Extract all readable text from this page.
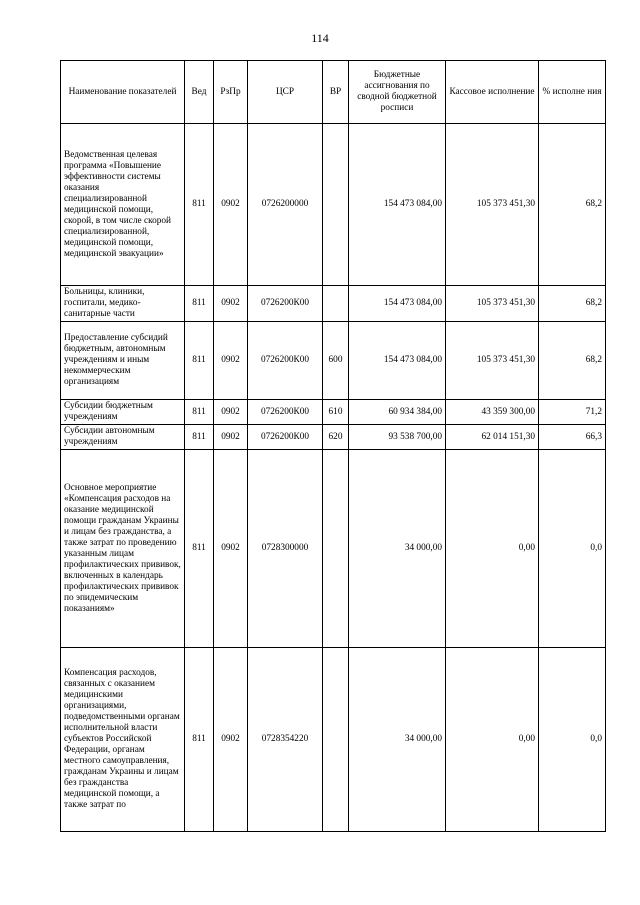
114
Наименование показателей	Вед	РзПр	ЦСР	ВР	Бюджетные ассигнования по сводной бюджетной росписи	Кассовое исполнение	% исполне ния
Ведомственная целевая программа «Повышение эффективности системы оказания специализированной медицинской помощи, скорой, в том числе скорой специализированной, медицинской помощи, медицинской эвакуации»	811	0902	0726200000		154 473 084,00	105 373 451,30	68,2
Больницы, клиники, госпитали, медико-санитарные части	811	0902	0726200К00		154 473 084,00	105 373 451,30	68,2
Предоставление субсидий бюджетным, автономным учреждениям и иным некоммерческим организациям	811	0902	0726200К00	600	154 473 084,00	105 373 451,30	68,2
Субсидии бюджетным учреждениям	811	0902	0726200К00	610	60 934 384,00	43 359 300,00	71,2
Субсидии автономным учреждениям	811	0902	0726200К00	620	93 538 700,00	62 014 151,30	66,3
Основное мероприятие «Компенсация расходов на оказание медицинской помощи гражданам Украины и лицам без гражданства, а также затрат по проведению указанным лицам профилактических прививок, включенных в календарь профилактических прививок по эпидемическим показаниям»	811	0902	0728300000		34 000,00	0,00	0,0
Компенсация расходов, связанных с оказанием медицинскими организациями, подведомственными органам исполнительной власти субъектов Российской Федерации, органам местного самоуправления, гражданам Украины и лицам без гражданства медицинской помощи, а также затрат по	811	0902	0728354220		34 000,00	0,00	0,0
